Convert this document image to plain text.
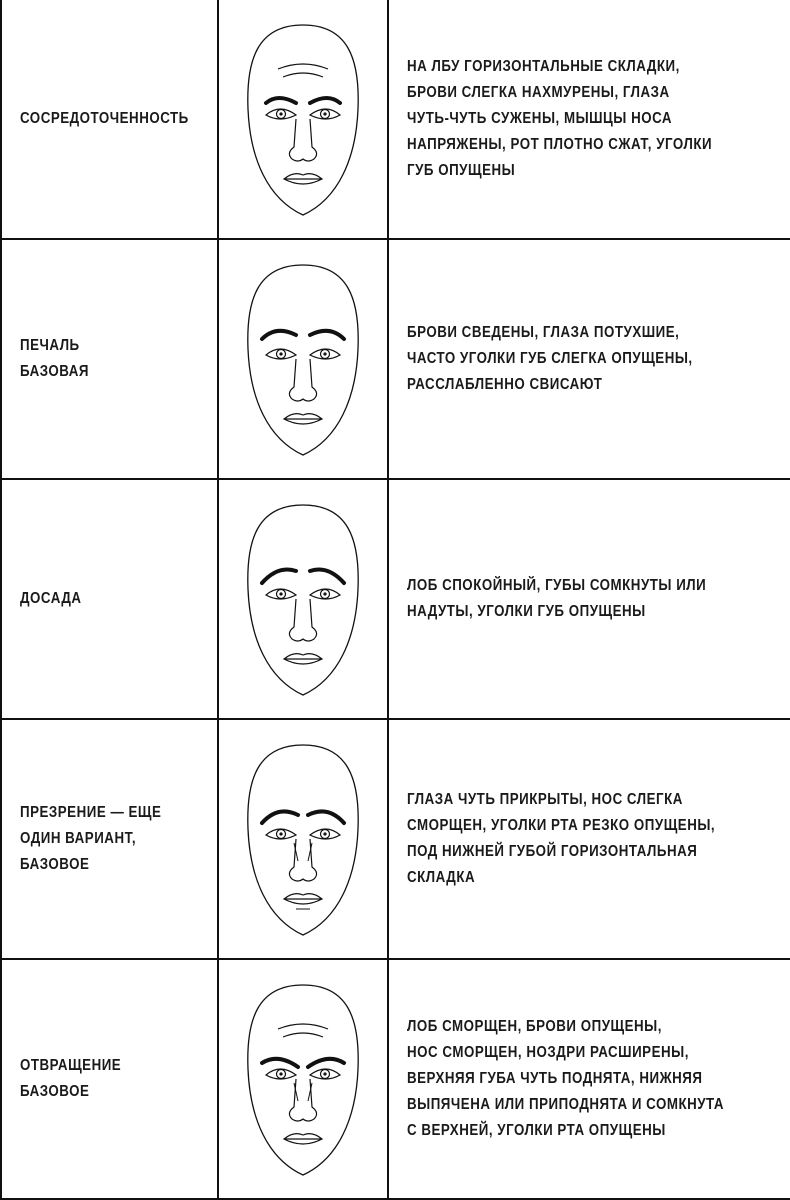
СОСРЕДОТОЧЕННОСТЬ
НА ЛБУ ГОРИЗОНТАЛЬНЫЕ СКЛАДКИ,
БРОВИ СЛЕГКА НАХМУРЕНЫ, ГЛАЗА
ЧУТЬ-ЧУТЬ СУЖЕНЫ, МЫШЦЫ НОСА
НАПРЯЖЕНЫ, РОТ ПЛОТНО СЖАТ, УГОЛКИ
ГУБ ОПУЩЕНЫ
ПЕЧАЛЬ
БАЗОВАЯ
БРОВИ СВЕДЕНЫ, ГЛАЗА ПОТУХШИЕ,
ЧАСТО УГОЛКИ ГУБ СЛЕГКА ОПУЩЕНЫ,
РАССЛАБЛЕННО СВИСАЮТ
ДОСАДА
ЛОБ СПОКОЙНЫЙ, ГУБЫ СОМКНУТЫ ИЛИ
НАДУТЫ, УГОЛКИ ГУБ ОПУЩЕНЫ
ПРЕЗРЕНИЕ — ЕЩЕ
ОДИН ВАРИАНТ,
БАЗОВОЕ
ГЛАЗА ЧУТЬ ПРИКРЫТЫ, НОС СЛЕГКА
СМОРЩЕН, УГОЛКИ РТА РЕЗКО ОПУЩЕНЫ,
ПОД НИЖНЕЙ ГУБОЙ ГОРИЗОНТАЛЬНАЯ
СКЛАДКА
ОТВРАЩЕНИЕ
БАЗОВОЕ
ЛОБ СМОРЩЕН, БРОВИ ОПУЩЕНЫ,
НОС СМОРЩЕН, НОЗДРИ РАСШИРЕНЫ,
ВЕРХНЯЯ ГУБА ЧУТЬ ПОДНЯТА, НИЖНЯЯ
ВЫПЯЧЕНА ИЛИ ПРИПОДНЯТА И СОМКНУТА
С ВЕРХНЕЙ, УГОЛКИ РТА ОПУЩЕНЫ
